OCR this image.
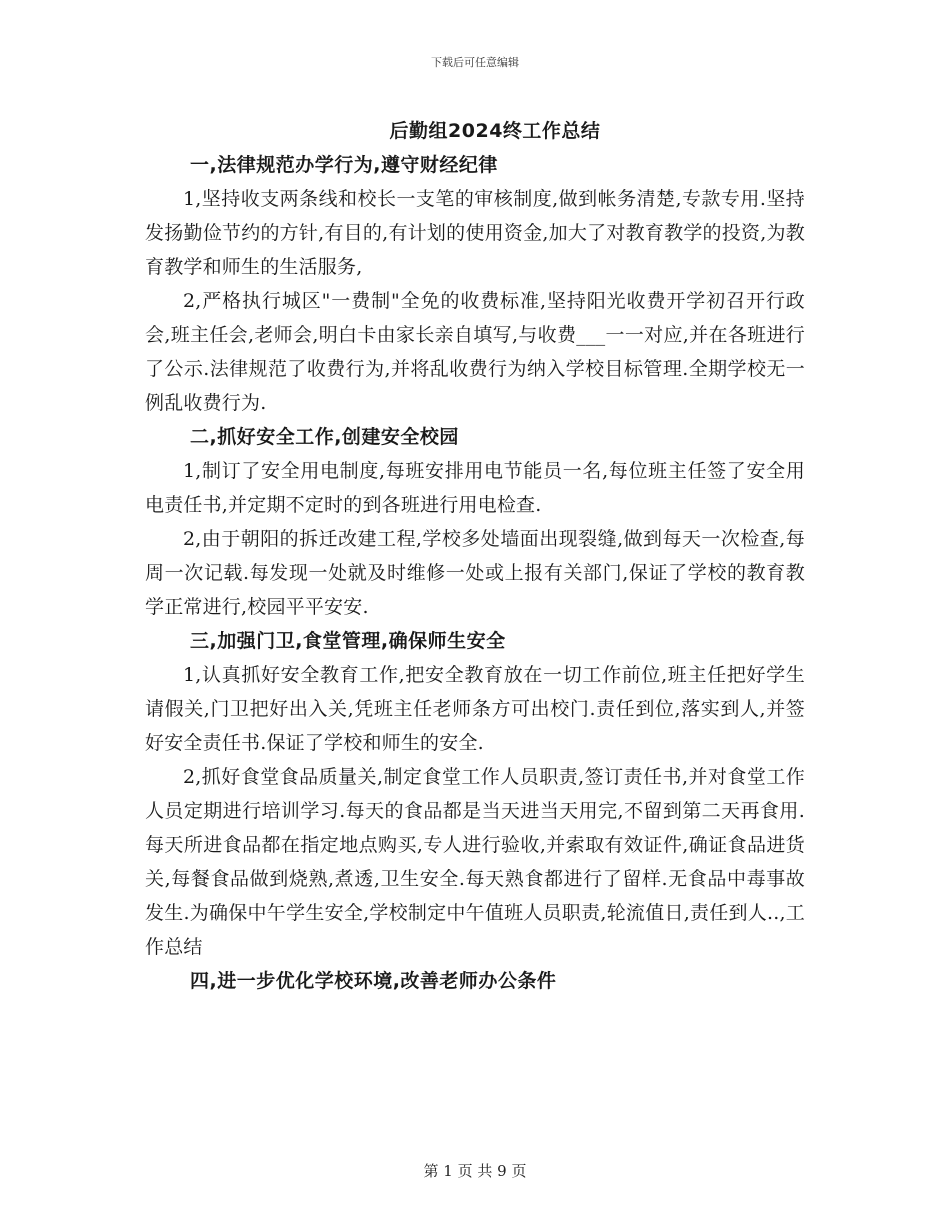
下载后可任意编辑
后勤组2024终工作总结

一,法律规范办学行为,遵守财经纪律

1,坚持收支两条线和校长一支笔的审核制度,做到帐务清楚,专款专用.坚持发扬勤俭节约的方针,有目的,有计划的使用资金,加大了对教育教学的投资,为教育教学和师生的生活服务,

2,严格执行城区"一费制"全免的收费标准,坚持阳光收费开学初召开行政会,班主任会,老师会,明白卡由家长亲自填写,与收费___一一对应,并在各班进行了公示.法律规范了收费行为,并将乱收费行为纳入学校目标管理.全期学校无一例乱收费行为.

二,抓好安全工作,创建安全校园

1,制订了安全用电制度,每班安排用电节能员一名,每位班主任签了安全用电责任书,并定期不定时的到各班进行用电检查.

2,由于朝阳的拆迁改建工程,学校多处墙面出现裂缝,做到每天一次检查,每周一次记载.每发现一处就及时维修一处或上报有关部门,保证了学校的教育教学正常进行,校园平平安安.

三,加强门卫,食堂管理,确保师生安全

1,认真抓好安全教育工作,把安全教育放在一切工作前位,班主任把好学生请假关,门卫把好出入关,凭班主任老师条方可出校门.责任到位,落实到人,并签好安全责任书.保证了学校和师生的安全.

2,抓好食堂食品质量关,制定食堂工作人员职责,签订责任书,并对食堂工作人员定期进行培训学习.每天的食品都是当天进当天用完,不留到第二天再食用.每天所进食品都在指定地点购买,专人进行验收,并索取有效证件,确证食品进货关,每餐食品做到烧熟,煮透,卫生安全.每天熟食都进行了留样.无食品中毒事故发生.为确保中午学生安全,学校制定中午值班人员职责,轮流值日,责任到人..,工作总结

四,进一步优化学校环境,改善老师办公条件

第 1 页 共 9 页
